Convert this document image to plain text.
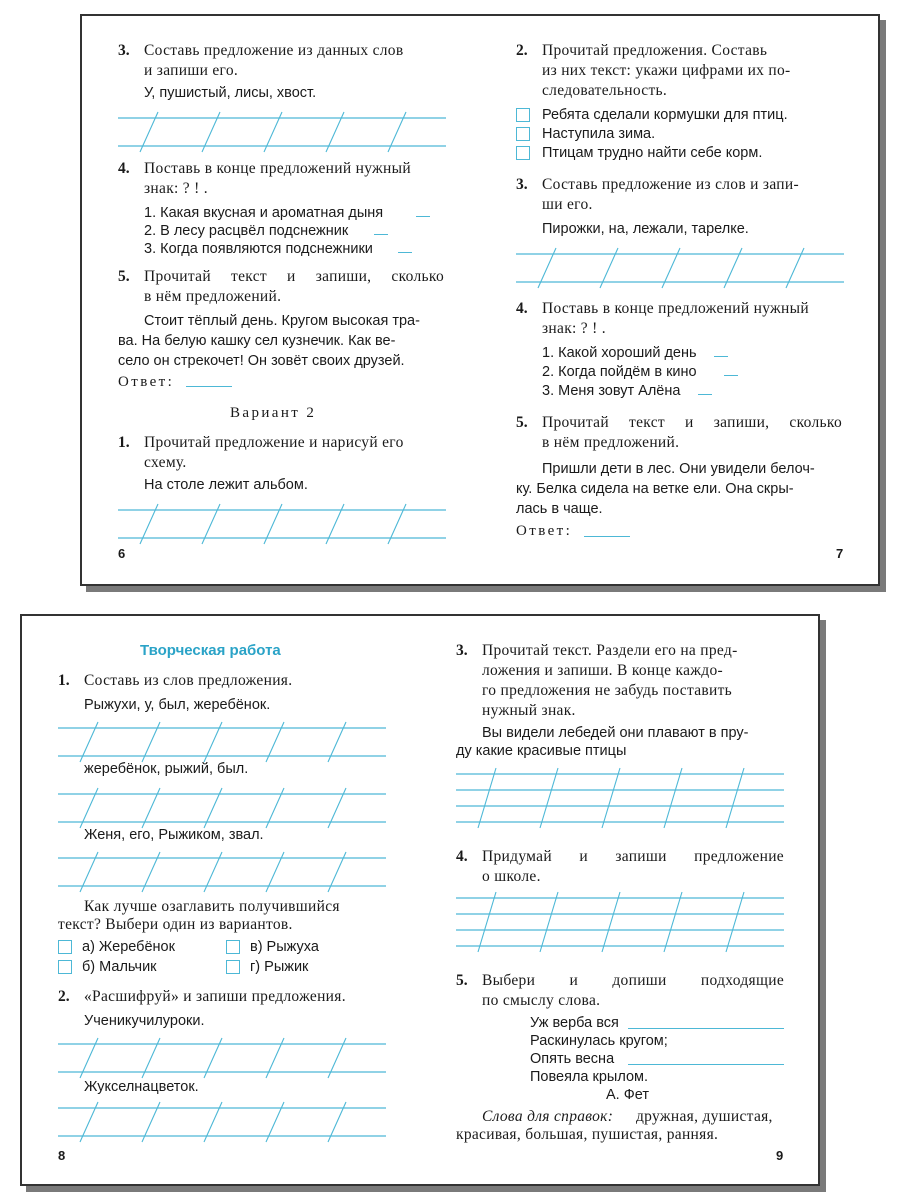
3. Составь предложение из данных слов
и запиши его.
У, пушистый, лисы, хвост.
4. Поставь в конце предложений нужный
знак: ? ! .
1. Какая вкусная и ароматная дыня
2. В лесу расцвёл подснежник
3. Когда появляются подснежники
5. Прочитай текст и запиши, сколько
в нём предложений.
Стоит тёплый день. Кругом высокая тра-
ва. На белую кашку сел кузнечик. Как ве-
село он стрекочет! Он зовёт своих друзей.
Ответ:
Вариант 2
1. Прочитай предложение и нарисуй его
схему.
На столе лежит альбом.
6
2. Прочитай предложения. Составь
из них текст: укажи цифрами их по-
следовательность.
Ребята сделали кормушки для птиц.
Наступила зима.
Птицам трудно найти себе корм.
3. Составь предложение из слов и запи-
ши его.
Пирожки, на, лежали, тарелке.
4. Поставь в конце предложений нужный
знак: ? ! .
1. Какой хороший день
2. Когда пойдём в кино
3. Меня зовут Алёна
5. Прочитай текст и запиши, сколько
в нём предложений.
Пришли дети в лес. Они увидели белоч-
ку. Белка сидела на ветке ели. Она скры-
лась в чаще.
Ответ:
7
Творческая работа
1. Составь из слов предложения.
Рыжухи, у, был, жеребёнок.
жеребёнок, рыжий, был.
Женя, его, Рыжиком, звал.
Как лучше озаглавить получившийся
текст? Выбери один из вариантов.
а) Жеребёнок
б) Мальчик
в) Рыжуха
г) Рыжик
2. «Расшифруй» и запиши предложения.
Ученикучилуроки.
Жукселнацветок.
8
3. Прочитай текст. Раздели его на пред-
ложения и запиши. В конце каждо-
го предложения не забудь поставить
нужный знак.
Вы видели лебедей они плавают в пру-
ду какие красивые птицы
4. Придумай и запиши предложение
о школе.
5. Выбери и допиши подходящие
по смыслу слова.
Уж верба вся
Раскинулась кругом;
Опять весна
Повеяла крылом.
А. Фет
Слова для справок: дружная, душистая,
красивая, большая, пушистая, ранняя.
9
